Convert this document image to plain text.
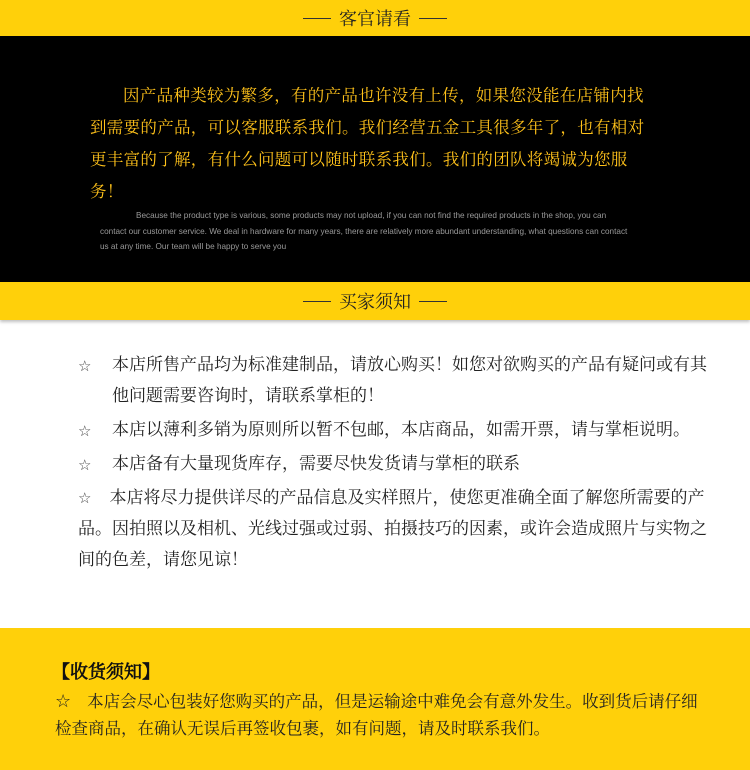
客官请看
因产品种类较为繁多，有的产品也许没有上传，如果您没能在店铺内找到需要的产品，可以客服联系我们。我们经营五金工具很多年了，也有相对更丰富的了解，有什么问题可以随时联系我们。我们的团队将竭诚为您服务！
Because the product type is various, some products may not upload, if you can not find the required products in the shop, you can contact our customer service. We deal in hardware for many years, there are relatively more abundant understanding, what questions can contact us at any time. Our team will be happy to serve you
买家须知
☆ 本店所售产品均为标准建制品，请放心购买！如您对欲购买的产品有疑问或有其他问题需要咨询时，请联系掌柜的！
☆ 本店以薄利多销为原则所以暂不包邮，本店商品，如需开票，请与掌柜说明。
☆ 本店备有大量现货库存，需要尽快发货请与掌柜的联系
☆ 本店将尽力提供详尽的产品信息及实样照片，使您更准确全面了解您所需要的产品。因拍照以及相机、光线过强或过弱、拍摄技巧的因素，或许会造成照片与实物之间的色差，请您见谅！
【收货须知】
☆ 本店会尽心包装好您购买的产品，但是运输途中难免会有意外发生。收到货后请仔细检查商品，在确认无误后再签收包裹，如有问题，请及时联系我们。
